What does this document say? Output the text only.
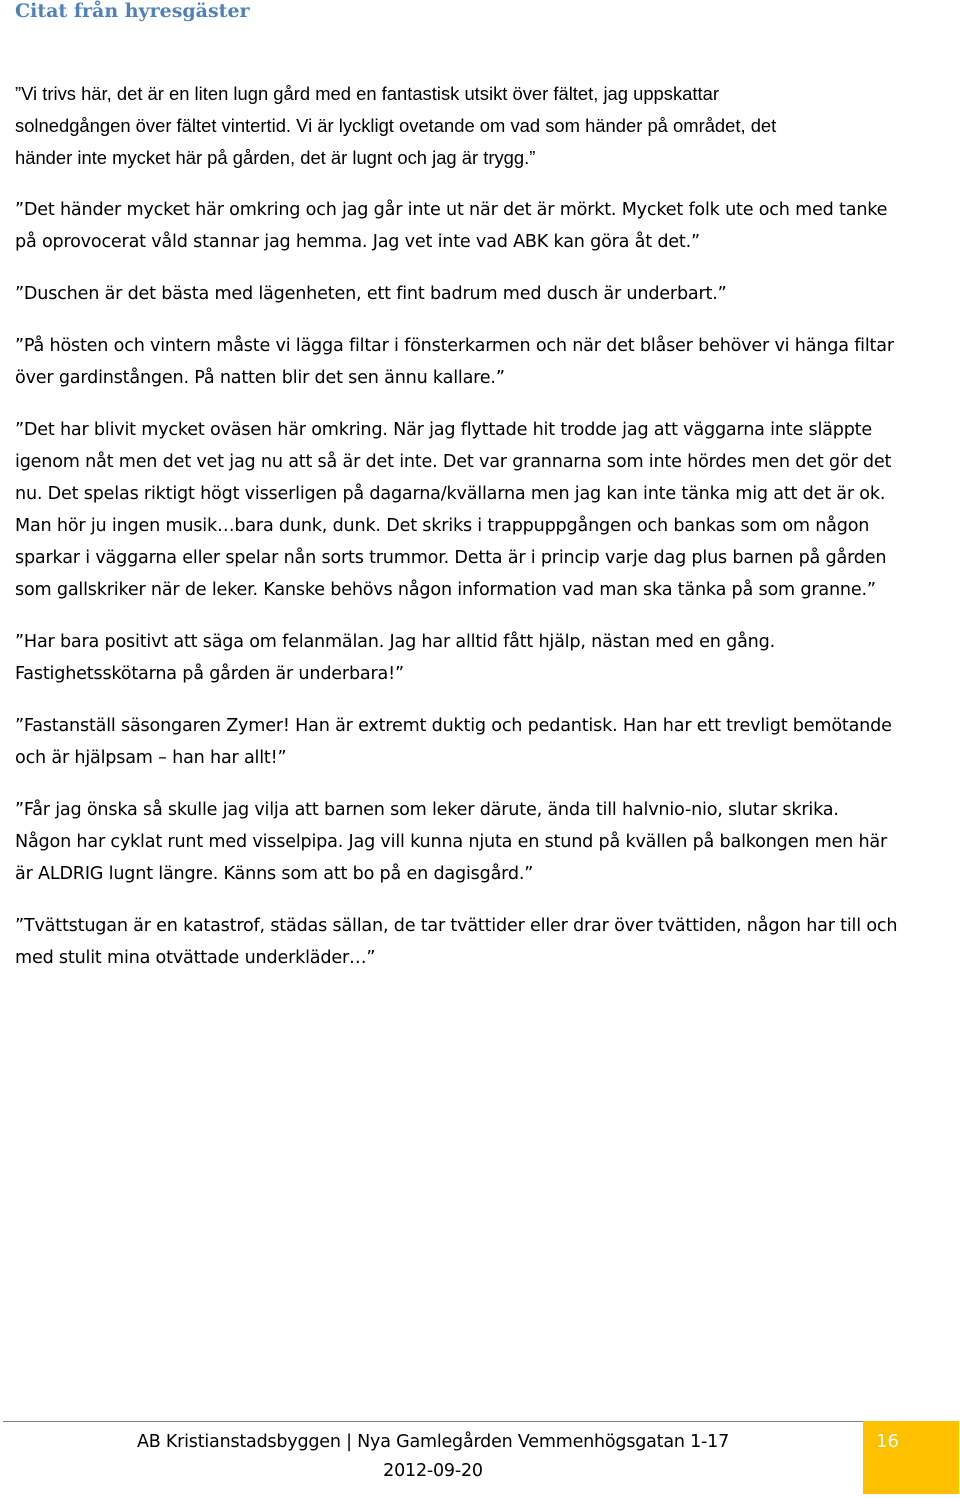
Citat från hyresgäster

”Vi trivs här, det är en liten lugn gård med en fantastisk utsikt över fältet, jag uppskattar
solnedgången över fältet vintertid. Vi är lyckligt ovetande om vad som händer på området, det
händer inte mycket här på gården, det är lugnt och jag är trygg.”

”Det händer mycket här omkring och jag går inte ut när det är mörkt. Mycket folk ute och med tanke
på oprovocerat våld stannar jag hemma. Jag vet inte vad ABK kan göra åt det.”

”Duschen är det bästa med lägenheten, ett fint badrum med dusch är underbart.”

”På hösten och vintern måste vi lägga filtar i fönsterkarmen och när det blåser behöver vi hänga filtar
över gardinstången. På natten blir det sen ännu kallare.”

”Det har blivit mycket oväsen här omkring. När jag flyttade hit trodde jag att väggarna inte släppte
igenom nåt men det vet jag nu att så är det inte. Det var grannarna som inte hördes men det gör det
nu. Det spelas riktigt högt visserligen på dagarna/kvällarna men jag kan inte tänka mig att det är ok.
Man hör ju ingen musik…bara dunk, dunk. Det skriks i trappuppgången och bankas som om någon
sparkar i väggarna eller spelar nån sorts trummor. Detta är i princip varje dag plus barnen på gården
som gallskriker när de leker. Kanske behövs någon information vad man ska tänka på som granne.”

”Har bara positivt att säga om felanmälan. Jag har alltid fått hjälp, nästan med en gång.
Fastighetsskötarna på gården är underbara!”

”Fastanställ säsongaren Zymer! Han är extremt duktig och pedantisk. Han har ett trevligt bemötande
och är hjälpsam – han har allt!”

”Får jag önska så skulle jag vilja att barnen som leker därute, ända till halvnio-nio, slutar skrika.
Någon har cyklat runt med visselpipa. Jag vill kunna njuta en stund på kvällen på balkongen men här
är ALDRIG lugnt längre. Känns som att bo på en dagisgård.”

”Tvättstugan är en katastrof, städas sällan, de tar tvättider eller drar över tvättiden, någon har till och
med stulit mina otvättade underkläder…”

AB Kristianstadsbyggen | Nya Gamlegården Vemmenhögsgatan 1-17
2012-09-20
16
